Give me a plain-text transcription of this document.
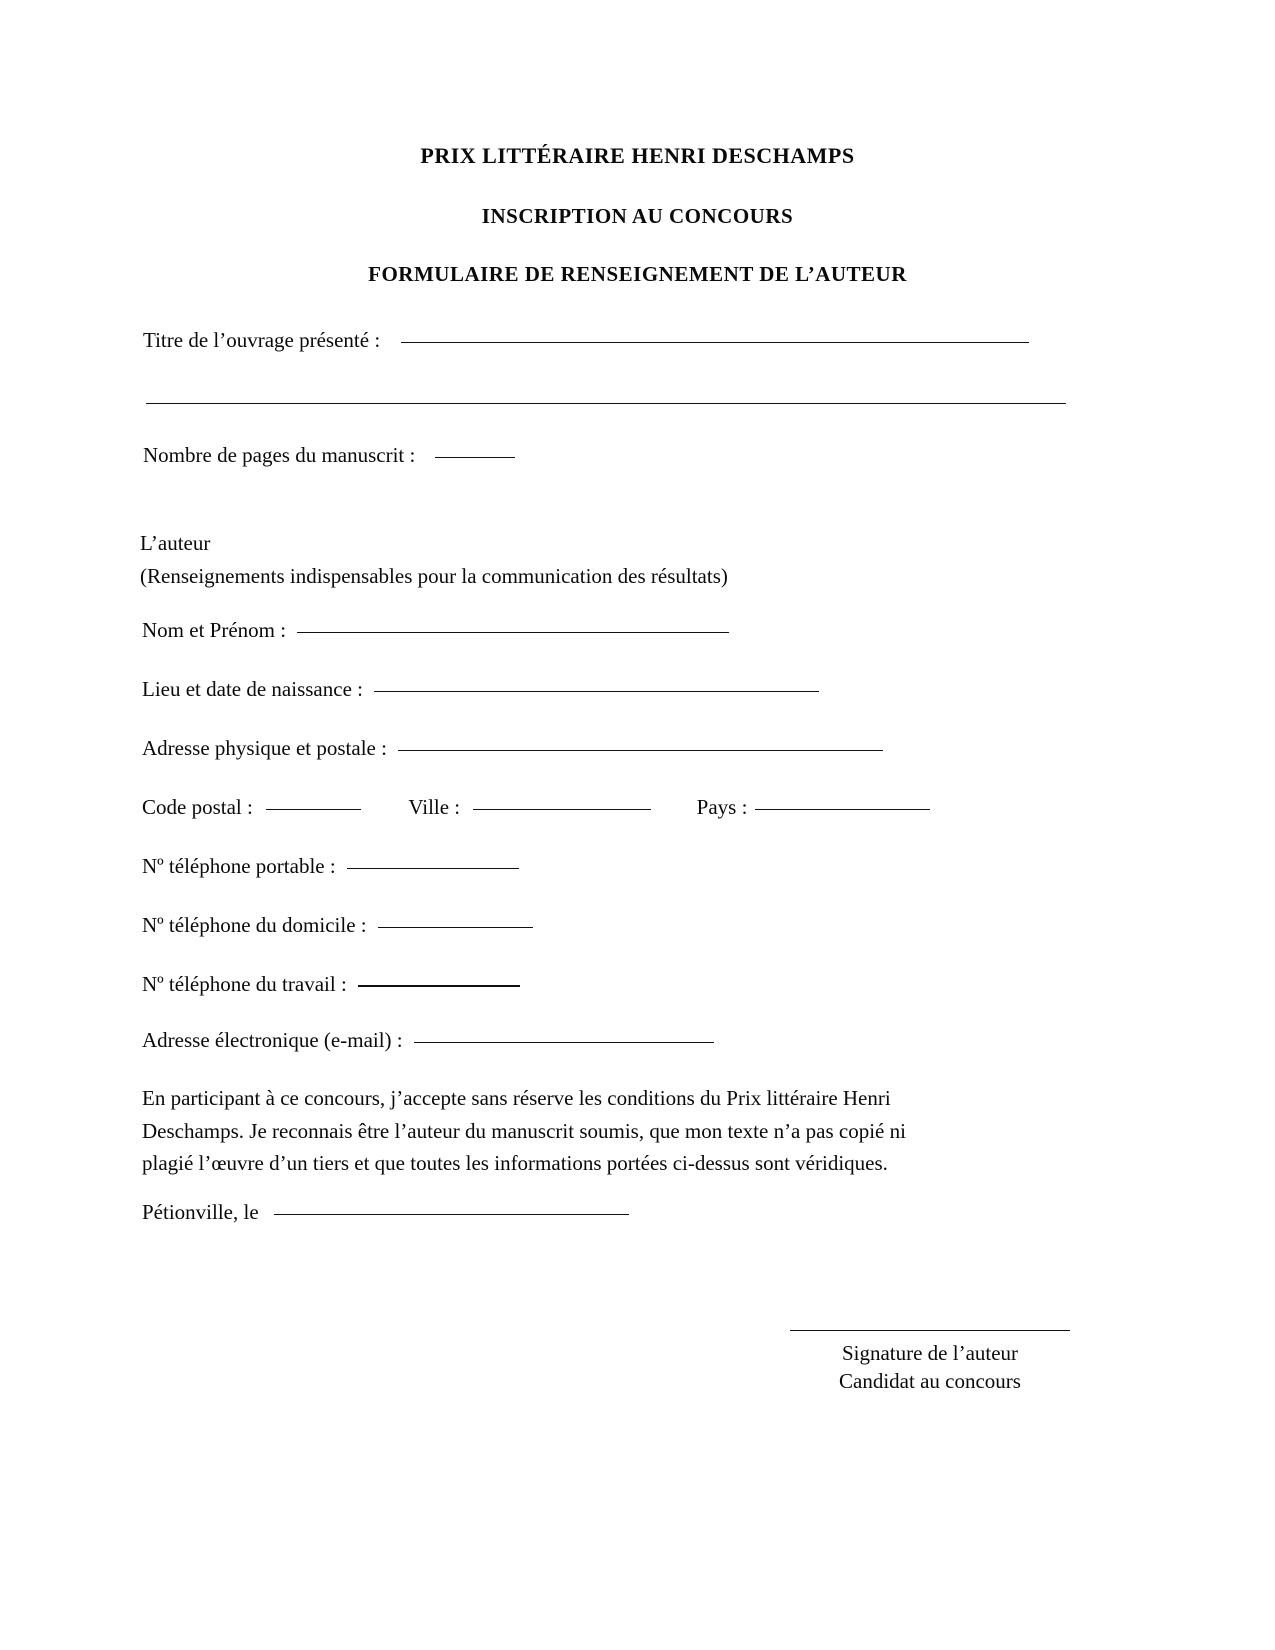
PRIX LITTÉRAIRE HENRI DESCHAMPS
INSCRIPTION AU CONCOURS
FORMULAIRE DE RENSEIGNEMENT DE L’AUTEUR
Titre de l’ouvrage présenté :
Nombre de pages du manuscrit :
L’auteur
(Renseignements indispensables pour la communication des résultats)
Nom et Prénom :
Lieu et date de naissance :
Adresse physique et postale :
Code postal :	Ville :	Pays :
Nº téléphone portable :
Nº téléphone du domicile :
Nº téléphone du travail :
Adresse électronique (e-mail) :
En participant à ce concours, j’accepte sans réserve les conditions du Prix littéraire Henri
Deschamps. Je reconnais être l’auteur du manuscrit soumis, que mon texte n’a pas copié ni
plagié l’œuvre d’un tiers et que toutes les informations portées ci-dessus sont véridiques.
Pétionville, le
Signature de l’auteur
Candidat au concours
